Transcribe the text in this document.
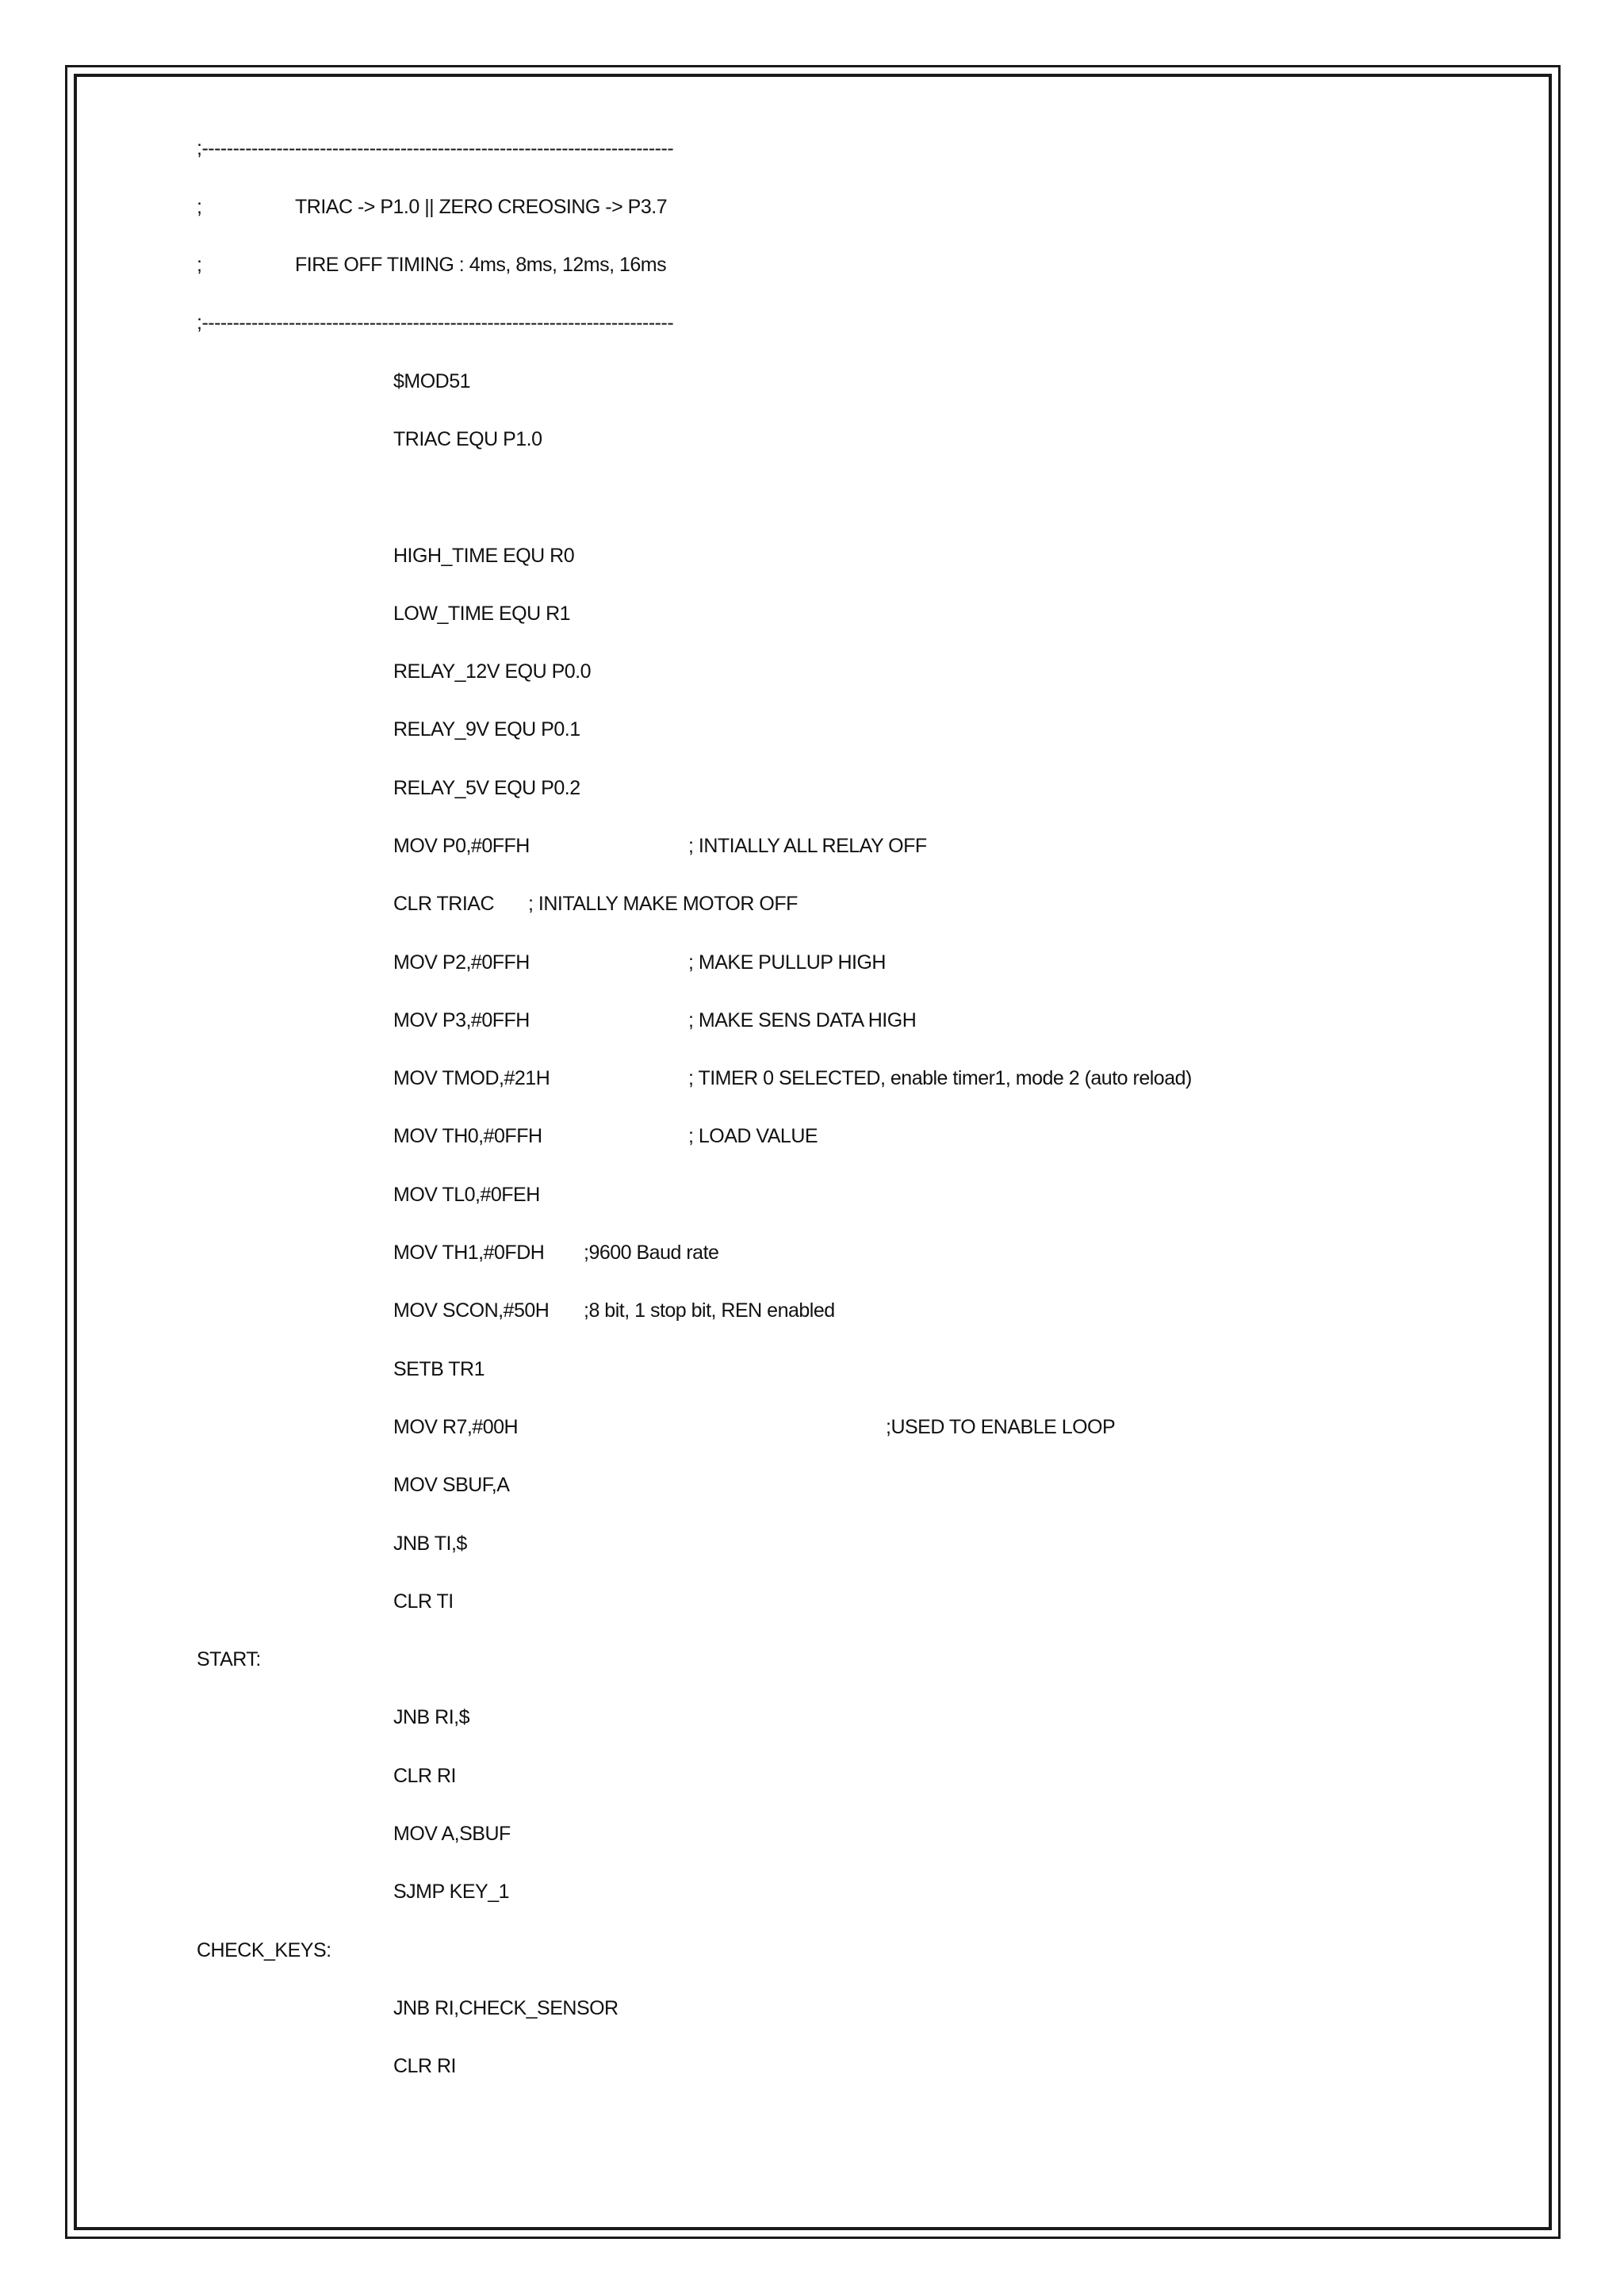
;----------------------------------------------------------------------------
;	TRIAC -> P1.0 || ZERO CREOSING -> P3.7
;	FIRE OFF TIMING : 4ms, 8ms, 12ms, 16ms
;----------------------------------------------------------------------------
$MOD51
TRIAC EQU P1.0
HIGH_TIME EQU R0
LOW_TIME EQU R1
RELAY_12V EQU P0.0
RELAY_9V EQU P0.1
RELAY_5V EQU P0.2
MOV P0,#0FFH	; INTIALLY ALL RELAY OFF
CLR TRIAC ; INITALLY MAKE MOTOR OFF
MOV P2,#0FFH	; MAKE PULLUP HIGH
MOV P3,#0FFH	; MAKE SENS DATA HIGH
MOV TMOD,#21H	; TIMER 0 SELECTED, enable timer1, mode 2 (auto reload)
MOV TH0,#0FFH	; LOAD VALUE
MOV TL0,#0FEH
MOV TH1,#0FDH ;9600 Baud rate
MOV SCON,#50H ;8 bit, 1 stop bit, REN enabled
SETB TR1
MOV R7,#00H	;USED TO ENABLE LOOP
MOV SBUF,A
JNB TI,$
CLR TI
START:
JNB RI,$
CLR RI
MOV A,SBUF
SJMP KEY_1
CHECK_KEYS:
JNB RI,CHECK_SENSOR
CLR RI
